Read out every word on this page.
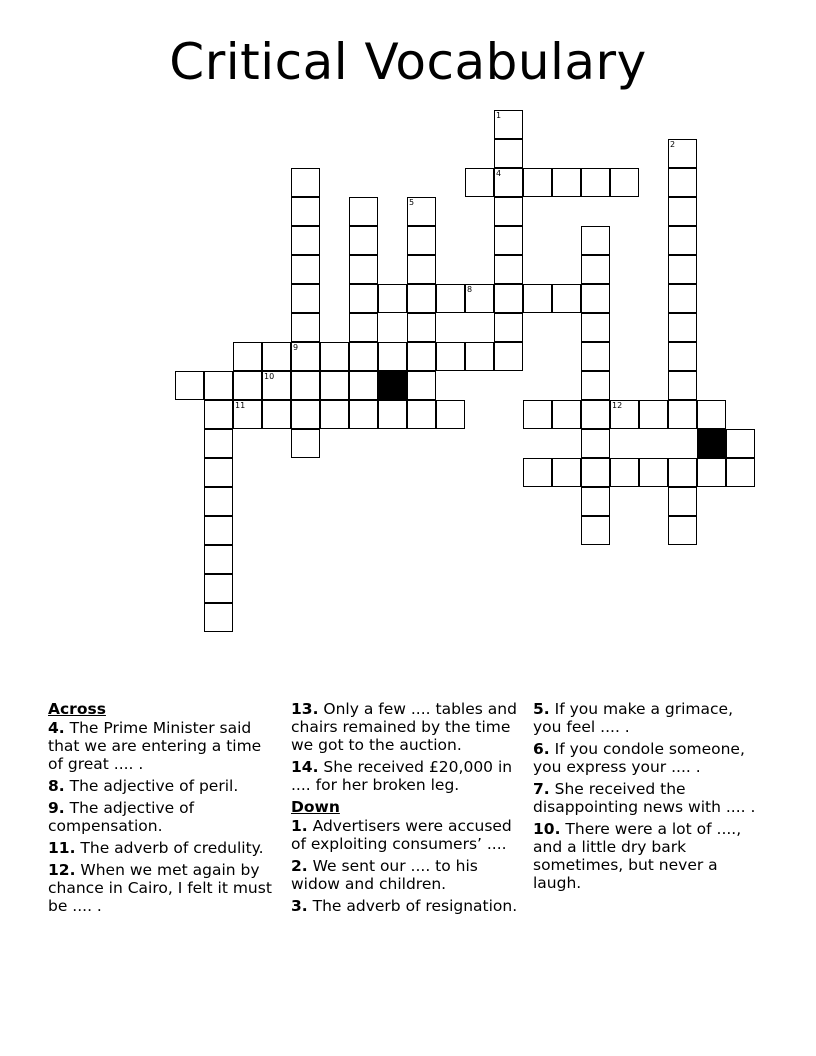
Critical Vocabulary
1
4
2
9
5
8
10
11	12
Across
4. The Prime Minister said that we are entering a time of great .... .
8. The adjective of peril.
9. The adjective of compensation.
11. The adverb of credulity.
12. When we met again by chance in Cairo, I felt it must be .... .
13. Only a few .... tables and chairs remained by the time we got to the auction.
14. She received £20,000 in .... for her broken leg.
Down
1. Advertisers were accused of exploiting consumers’ ....
2. We sent our .... to his widow and children.
3. The adverb of resignation.
5. If you make a grimace, you feel .... .
6. If you condole someone, you express your .... .
7. She received the disappointing news with .... .
10. There were a lot of ...., and a little dry bark sometimes, but never a laugh.
